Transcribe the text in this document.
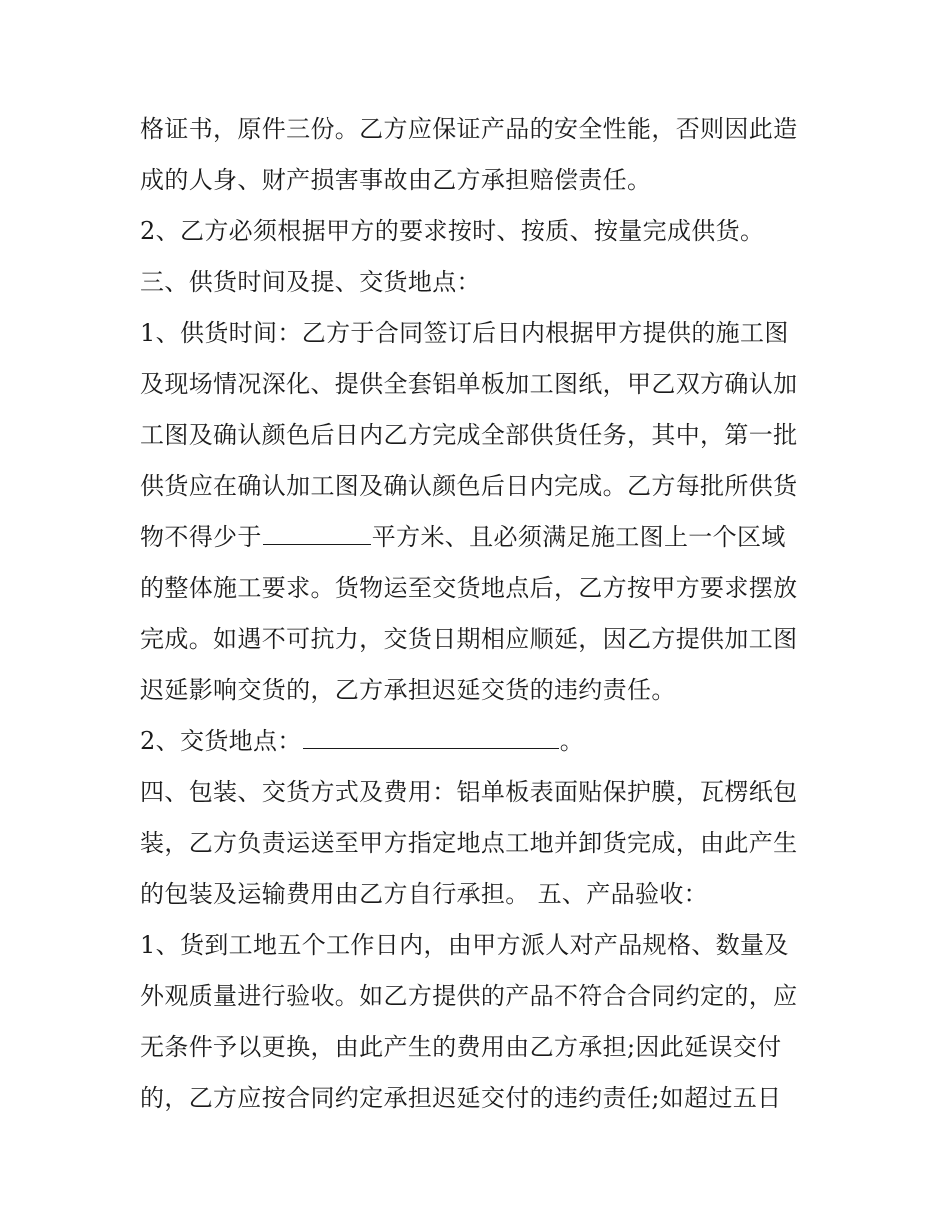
格证书，原件三份。乙方应保证产品的安全性能，否则因此造
成的人身、财产损害事故由乙方承担赔偿责任。
2、乙方必须根据甲方的要求按时、按质、按量完成供货。
三、供货时间及提、交货地点：
1、供货时间：乙方于合同签订后日内根据甲方提供的施工图
及现场情况深化、提供全套铝单板加工图纸，甲乙双方确认加
工图及确认颜色后日内乙方完成全部供货任务，其中，第一批
供货应在确认加工图及确认颜色后日内完成。乙方每批所供货
物不得少于	平方米、且必须满足施工图上一个区域
的整体施工要求。货物运至交货地点后，乙方按甲方要求摆放
完成。如遇不可抗力，交货日期相应顺延，因乙方提供加工图
迟延影响交货的，乙方承担迟延交货的违约责任。
2、交货地点：	。
四、包装、交货方式及费用：铝单板表面贴保护膜，瓦楞纸包
装，乙方负责运送至甲方指定地点工地并卸货完成，由此产生
的包装及运输费用由乙方自行承担。 五、产品验收：
1、货到工地五个工作日内，由甲方派人对产品规格、数量及
外观质量进行验收。如乙方提供的产品不符合合同约定的，应
无条件予以更换，由此产生的费用由乙方承担;因此延误交付
的，乙方应按合同约定承担迟延交付的违约责任;如超过五日
